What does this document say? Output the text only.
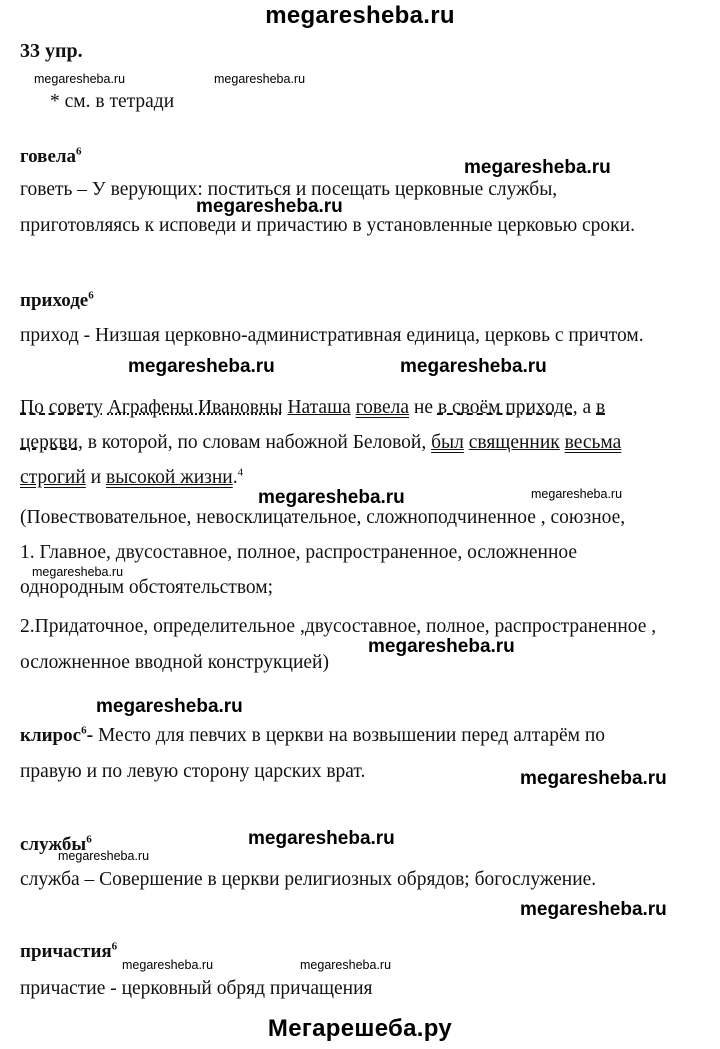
megaresheba.ru
Мегарешеба.ру
33 упр.
megaresheba.ru	megaresheba.ru
* см. в тетради
говела$^6$
megaresheba.ru
говеть – У верующих: поститься и посещать церковные службы,
megaresheba.ru
приготовляясь к исповеди и причастию в установленные церковью сроки.
приходе$^6$
приход - Низшая церковно-административная единица, церковь с причтом.
megaresheba.ru	megaresheba.ru
По совету Аграфены Ивановны Наташа говела не в своём приходе, а в
церкви, в которой, по словам набожной Беловой, был священник весьма
строгий и высокой жизни.$^4$
megaresheba.ru	megaresheba.ru
(Повествовательное, невосклицательное, сложноподчиненное , союзное,
1. Главное, двусоставное, полное, распространенное, осложненное
megaresheba.ru
однородным обстоятельством;
2.Придаточное, определительное ,двусоставное, полное, распространенное ,
megaresheba.ru
осложненное вводной конструкцией)
megaresheba.ru
клирос$^6$- Место для певчих в церкви на возвышении перед алтарём по
правую и по левую сторону царских врат.	megaresheba.ru
megaresheba.ru
службы$^6$
megaresheba.ru
служба – Совершение в церкви религиозных обрядов; богослужение.
megaresheba.ru
причастия$^6$
megaresheba.ru	megaresheba.ru
причастие - церковный обряд причащения
